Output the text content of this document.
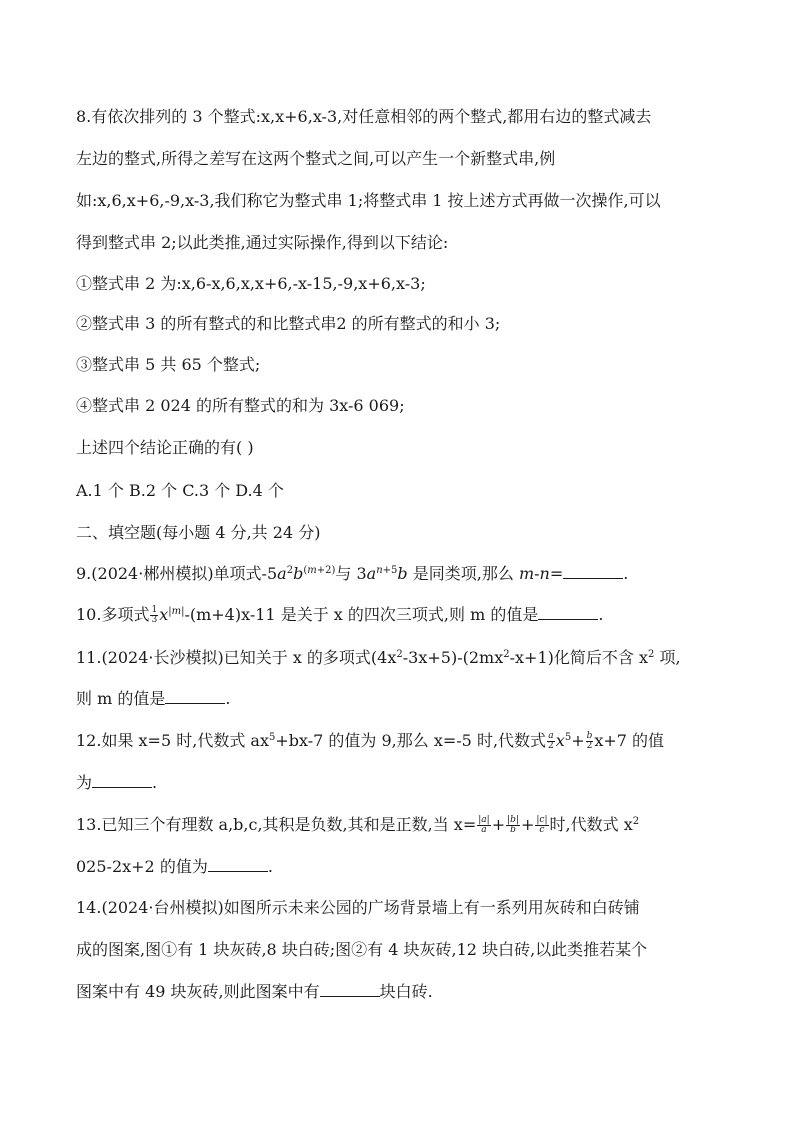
8.有依次排列的 3 个整式:x,x+6,x-3,对任意相邻的两个整式,都用右边的整式减去
左边的整式,所得之差写在这两个整式之间,可以产生一个新整式串,例
如:x,6,x+6,-9,x-3,我们称它为整式串 1;将整式串 1 按上述方式再做一次操作,可以
得到整式串 2;以此类推,通过实际操作,得到以下结论:
①整式串 2 为:x,6-x,6,x,x+6,-x-15,-9,x+6,x-3;
②整式串 3 的所有整式的和比整式串2 的所有整式的和小 3;
③整式串 5 共 65 个整式;
④整式串 2 024 的所有整式的和为 3x-6 069;
上述四个结论正确的有( )
A.1 个 B.2 个 C.3 个 D.4 个
二、填空题(每小题 4 分,共 24 分)
9.(2024·郴州模拟)单项式$-5a^2b^{(m+2)}$与 $3a^{n+5}b$ 是同类项,那么 m-n=	.
10.多项式 $\frac{1}{3} x^{|m|}-(m+4)x-11$ 是关于 x 的四次三项式,则 m 的值是	.
11.(2024·长沙模拟)已知关于 x 的多项式$(4x^2-3x+5)-(2mx^2-x+1)$化简后不含 $x^2$ 项,
则 m 的值是	.
12.如果 x=5 时,代数式 $ax^5+bx-7$ 的值为 9,那么 x=-5 时,代数式 $\frac{a}{2} x^5+ \frac{b}{2} x+7$ 的值
为	.
13.已知三个有理数 a,b,c,其积是负数,其和是正数,当 $x= \frac{|a|}{a} + \frac{|b|}{b} + \frac{|c|}{c}$ 时,代数式 $x^2$
025-2x+2 的值为	.
14.(2024·台州模拟)如图所示未来公园的广场背景墙上有一系列用灰砖和白砖铺
成的图案,图①有 1 块灰砖,8 块白砖;图②有 4 块灰砖,12 块白砖,以此类推若某个
图案中有 49 块灰砖,则此图案中有	块白砖.
